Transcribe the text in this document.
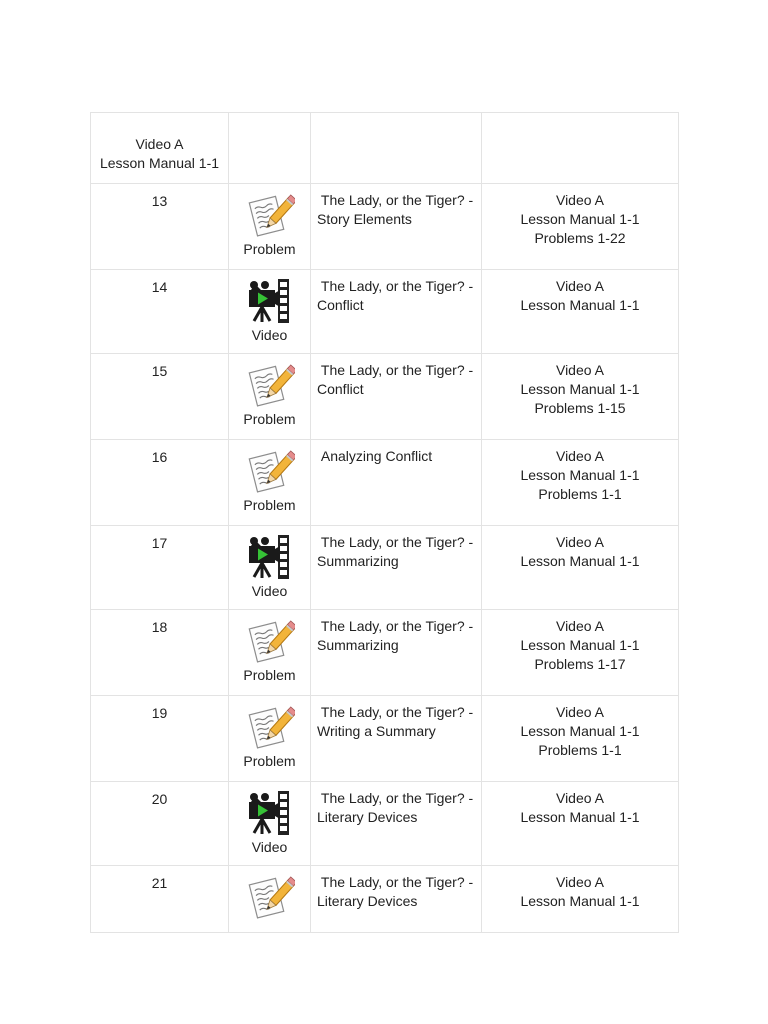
Video A
Lesson Manual 1-1			

13	Problem	The Lady, or the Tiger? - Story Elements	Video A
Lesson Manual 1-1
Problems 1-22

14	Video	The Lady, or the Tiger? - Conflict	Video A
Lesson Manual 1-1

15	Problem	The Lady, or the Tiger? - Conflict	Video A
Lesson Manual 1-1
Problems 1-15

16	Problem	Analyzing Conflict	Video A
Lesson Manual 1-1
Problems 1-1

17	Video	The Lady, or the Tiger? - Summarizing	Video A
Lesson Manual 1-1

18	Problem	The Lady, or the Tiger? - Summarizing	Video A
Lesson Manual 1-1
Problems 1-17

19	Problem	The Lady, or the Tiger? - Writing a Summary	Video A
Lesson Manual 1-1
Problems 1-1

20	Video	The Lady, or the Tiger? - Literary Devices	Video A
Lesson Manual 1-1

21		The Lady, or the Tiger? - Literary Devices	Video A
Lesson Manual 1-1
